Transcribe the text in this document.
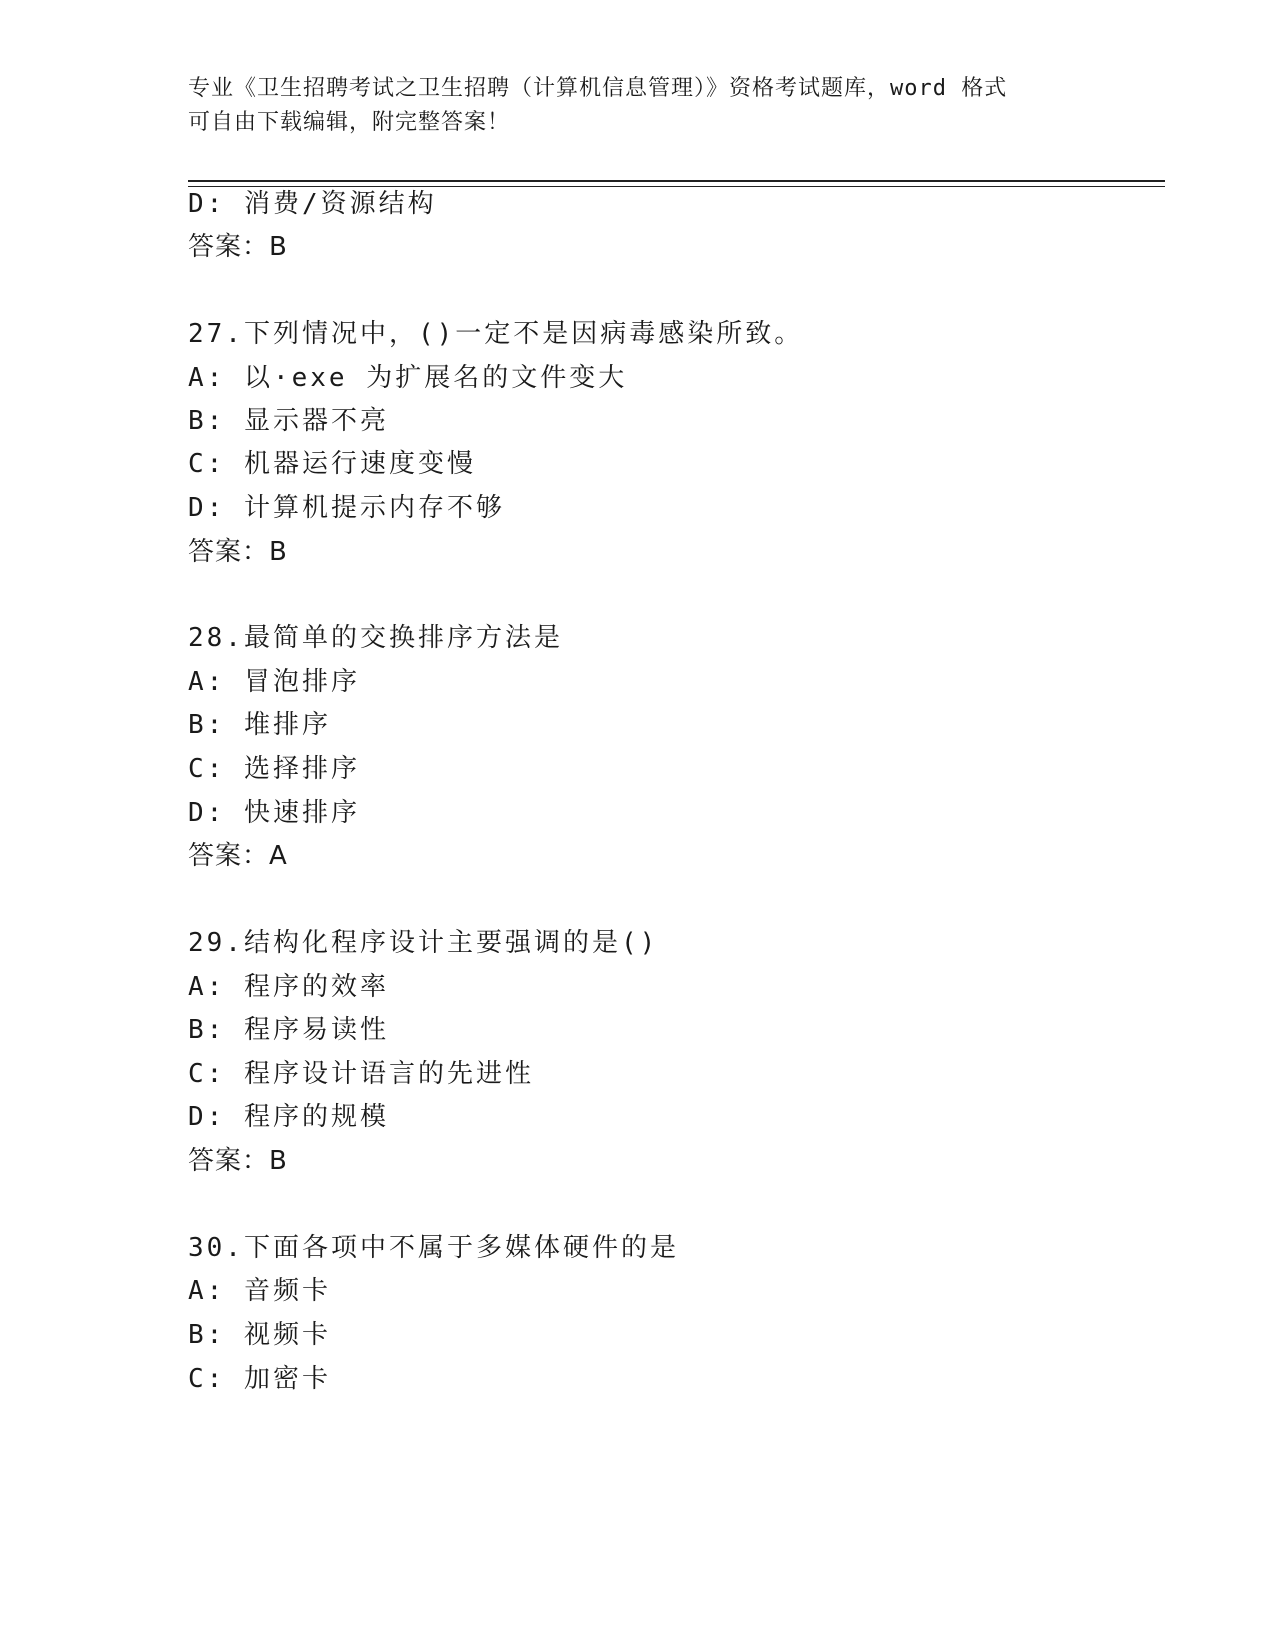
专业《卫生招聘考试之卫生招聘（计算机信息管理）》资格考试题库，word 格式
可自由下载编辑，附完整答案！
D: 消费/资源结构
答案：B
27.下列情况中，()一定不是因病毒感染所致。
A: 以·exe 为扩展名的文件变大
B: 显示器不亮
C: 机器运行速度变慢
D: 计算机提示内存不够
答案：B
28.最简单的交换排序方法是
A: 冒泡排序
B: 堆排序
C: 选择排序
D: 快速排序
答案：A
29.结构化程序设计主要强调的是()
A: 程序的效率
B: 程序易读性
C: 程序设计语言的先进性
D: 程序的规模
答案：B
30.下面各项中不属于多媒体硬件的是
A: 音频卡
B: 视频卡
C: 加密卡
